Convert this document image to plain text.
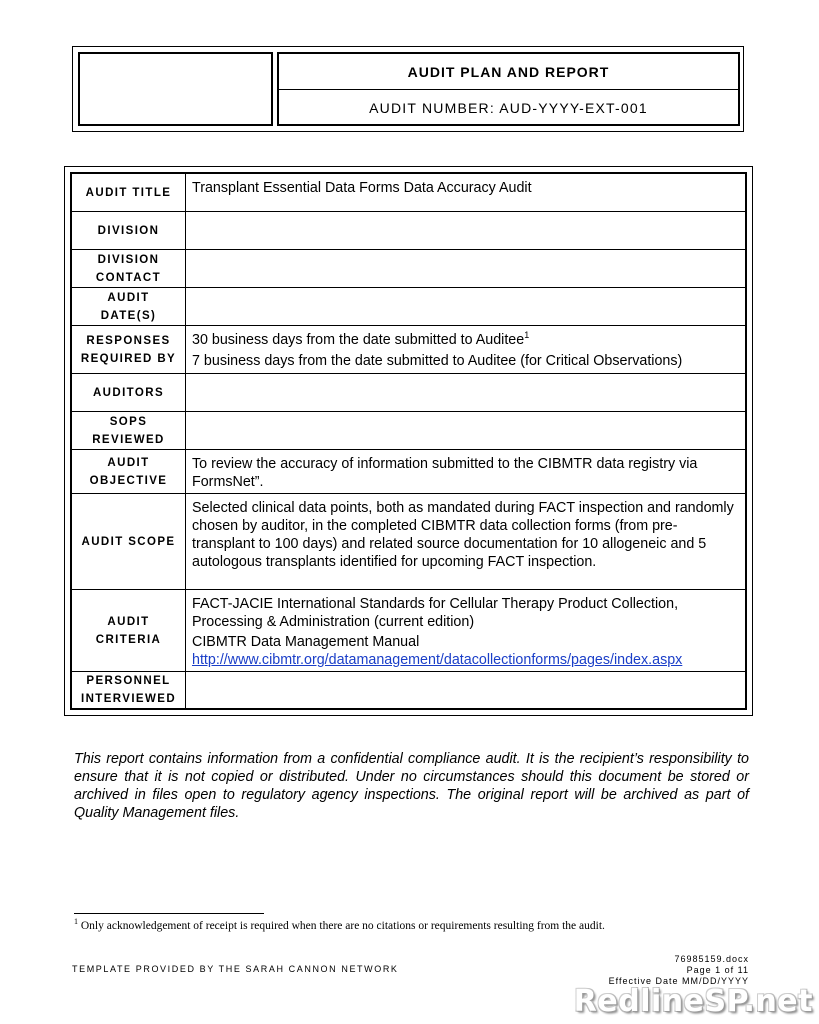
AUDIT PLAN AND REPORT
AUDIT NUMBER: AUD-YYYY-EXT-001
AUDIT TITLE	Transplant Essential Data Forms Data Accuracy Audit

DIVISION
DIVISION
CONTACT
AUDIT
DATE(S)
RESPONSES
REQUIRED BY

30 business days from the date submitted to Auditee$^1$

7 business days from the date submitted to Auditee (for Critical Observations)

AUDITORS
SOPS
REVIEWED
AUDIT
OBJECTIVE

To review the accuracy of information submitted to the CIBMTR data registry via FormsNet”.

AUDIT SCOPE

Selected clinical data points, both as mandated during FACT inspection and randomly chosen by auditor, in the completed CIBMTR data collection forms (from pre-transplant to 100 days) and related source documentation for 10 allogeneic and 5 autologous transplants identified for upcoming FACT inspection.

AUDIT
CRITERIA

FACT-JACIE International Standards for Cellular Therapy Product Collection, Processing & Administration (current edition)

CIBMTR Data Management Manual

http://www.cibmtr.org/datamanagement/datacollectionforms/pages/index.aspx

PERSONNEL
INTERVIEWED
This report contains information from a confidential compliance audit. It is the recipient’s responsibility to ensure that it is not copied or distributed. Under no circumstances should this document be stored or archived in files open to regulatory agency inspections. The original report will be archived as part of Quality Management files.
$^1$ Only acknowledgement of receipt is required when there are no citations or requirements resulting from the audit.
TEMPLATE PROVIDED BY THE SARAH CANNON NETWORK
76985159.docx
Page 1 of 11
Effective Date MM/DD/YYYY
RedlineSP.net
